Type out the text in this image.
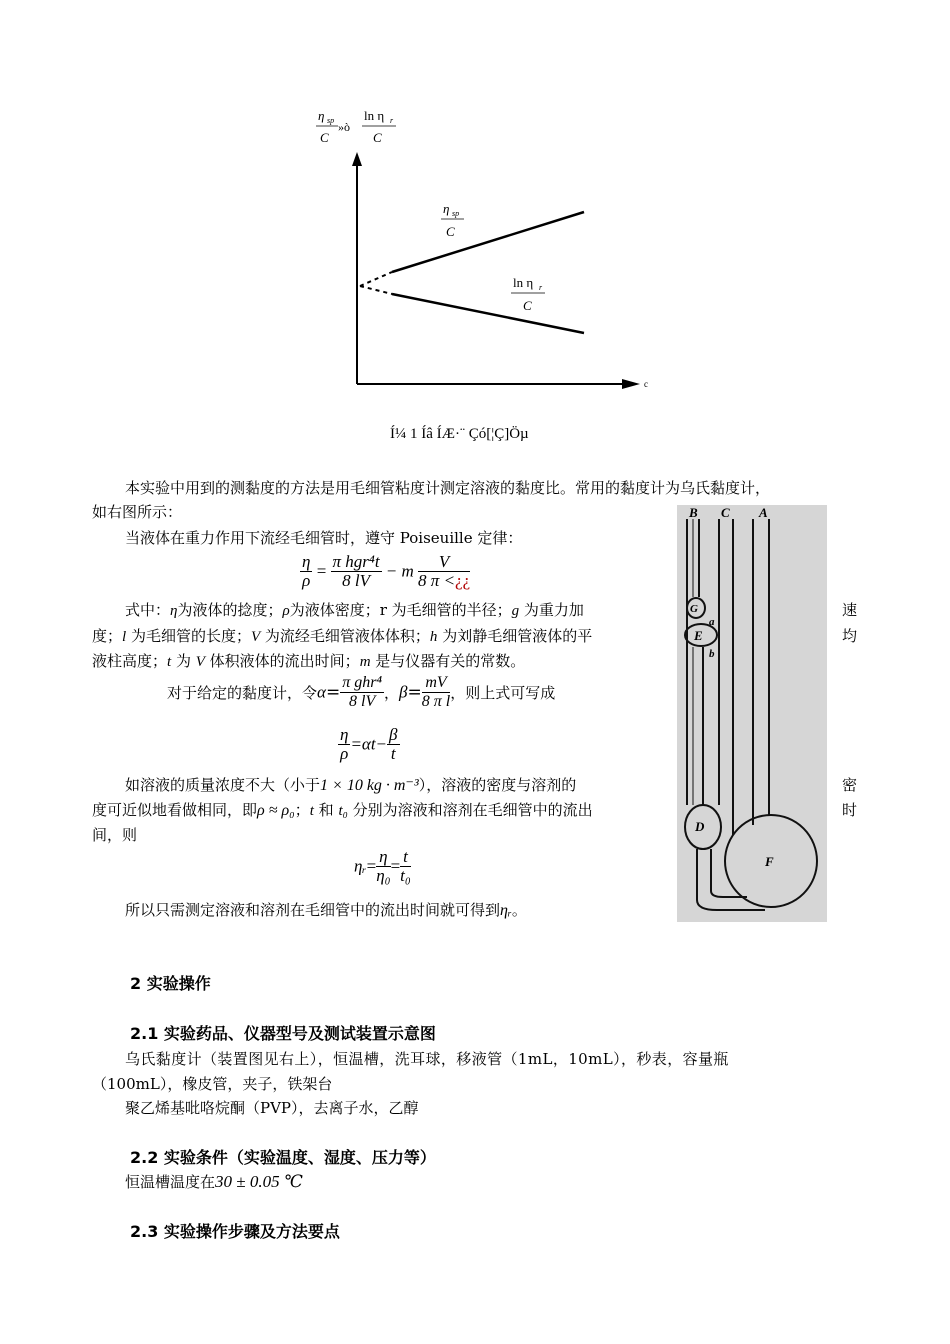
η sp
C
»ò
ln η r
C
c
η sp
C
ln η r
C
Í¼ 1 Íâ ÍÆ·¨ Çó[¦Ç]Öµ
本实验中用到的测黏度的方法是用毛细管粘度计测定溶液的黏度比。常用的黏度计为乌氏黏度计，
如右图所示：
当液体在重力作用下流经毛细管时，遵守 Poiseuille 定律：
$\frac{\eta}{\rho} = \frac{\text{π hgr⁴t}}{8 lV} - m \frac{V}{8 \pi <¿¿}$
式中：η为液体的捻度；ρ为液体密度；r 为毛细管的半径；g 为重力加	速
度；l 为毛细管的长度；V 为流经毛细管液体体积；h 为刘静毛细管液体的平	均
液柱高度；t 为 V 体积液体的流出时间；m 是与仪器有关的常数。
对于给定的黏度计，令$\alpha= \frac{\text{π ghr⁴}}{8 lV}$ ，$\beta= \frac{mV}{\text{8 π l}}$ ，则上式可写成
$\frac{\eta}{\rho} =\alpha t- \frac{\beta}{t}$
如溶液的质量浓度不大（小于1 × 10 kg · m⁻³），溶液的密度与溶剂的	密
度可近似地看做相同，即ρ ≈ ρ₀；t 和 t₀ 分别为溶液和溶剂在毛细管中的流出	时
间，则
ηᵣ= $\frac{\eta}{\text{η₀}} = \frac{t}{\text{t₀}}$
所以只需测定溶液和溶剂在毛细管中的流出时间就可得到ηᵣ。
B C A
G
a
E
b
D
F
2 实验操作
2.1 实验药品、仪器型号及测试装置示意图
乌氏黏度计（装置图见右上），恒温槽，洗耳球，移液管（1mL，10mL），秒表，容量瓶
（100mL），橡皮管，夹子，铁架台
聚乙烯基吡咯烷酮（PVP），去离子水，乙醇
2.2 实验条件（实验温度、湿度、压力等）
恒温槽温度在30 ± 0.05 ℃
2.3 实验操作步骤及方法要点
